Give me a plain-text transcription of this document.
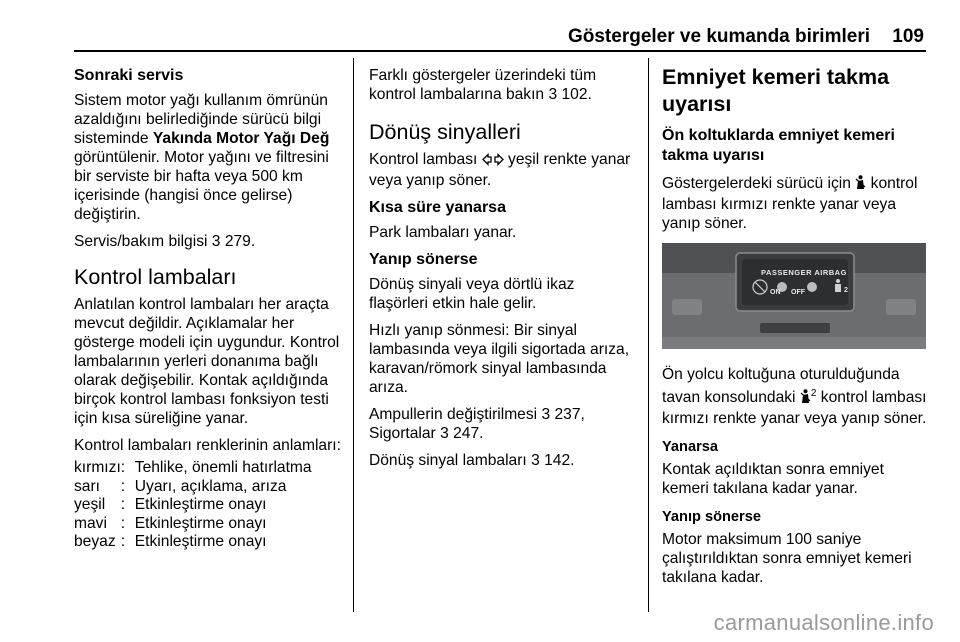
Göstergeler ve kumanda birimleri 109
Sonraki servis

Sistem motor yağı kullanım ömrünün azaldığını belirlediğinde sürücü bilgi sisteminde Yakında Motor Yağı Değ görüntülenir. Motor yağını ve filtresini bir serviste bir hafta veya 500 km içerisinde (hangisi önce gelirse) değiştirin.

Servis/bakım bilgisi 3 279.

Kontrol lambaları

Anlatılan kontrol lambaları her araçta mevcut değildir. Açıklamalar her gösterge modeli için uygundur. Kontrol lambalarının yerleri donanıma bağlı olarak değişebilir. Kontak açıldığında birçok kontrol lambası fonksiyon testi için kısa süreliğine yanar.

Kontrol lambaları renklerinin anlamları:

kırmızı	:	Tehlike, önemli hatırlatma
sarı	:	Uyarı, açıklama, arıza
yeşil	:	Etkinleştirme onayı
mavi	:	Etkinleştirme onayı
beyaz	:	Etkinleştirme onayı

Farklı göstergeler üzerindeki tüm kontrol lambalarına bakın 3 102.

Dönüş sinyalleri

Kontrol lambası yeşil renkte yanar veya yanıp söner.

Kısa süre yanarsa

Park lambaları yanar.

Yanıp sönerse

Dönüş sinyali veya dörtlü ikaz flaşörleri etkin hale gelir.

Hızlı yanıp sönmesi: Bir sinyal lambasında veya ilgili sigortada arıza, karavan/römork sinyal lambasında arıza.

Ampullerin değiştirilmesi 3 237,
Sigortalar 3 247.

Dönüş sinyal lambaları 3 142.

Emniyet kemeri takma uyarısı
Ön koltuklarda emniyet kemeri takma uyarısı

Göstergelerdeki sürücü için kontrol lambası kırmızı renkte yanar veya yanıp söner.

PASSENGER AIRBAG
ON OFF	2

Ön yolcu koltuğuna oturulduğunda tavan konsolundaki $^2$ kontrol lambası kırmızı renkte yanar veya yanıp söner.

Yanarsa

Kontak açıldıktan sonra emniyet kemeri takılana kadar yanar.

Yanıp sönerse

Motor maksimum 100 saniye çalıştırıldıktan sonra emniyet kemeri takılana kadar.

carmanualsonline.info
